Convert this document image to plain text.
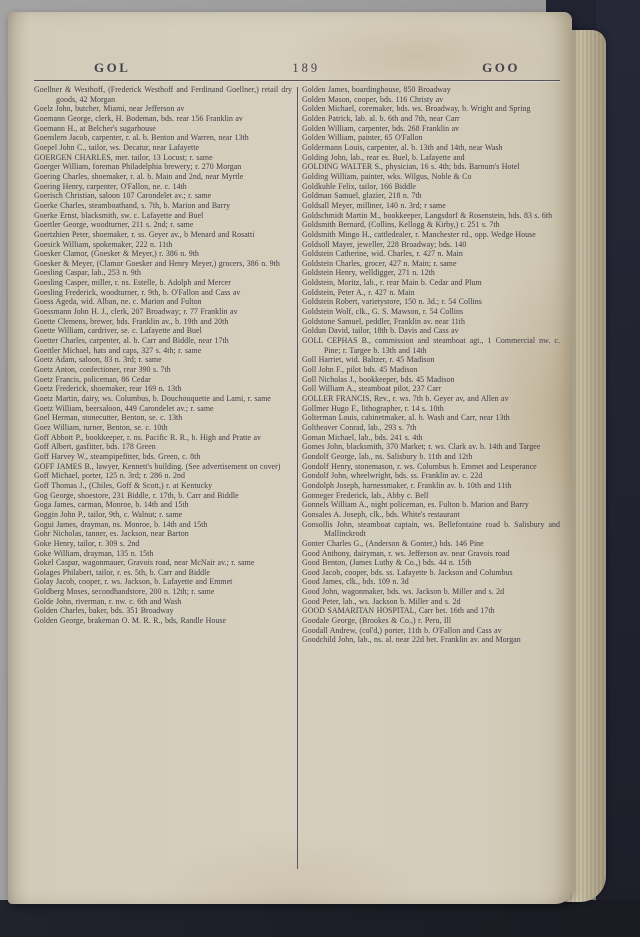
GOL	189	GOO

Goellner & Westhoff, (Frederick Westhoff and Ferdinand Goellner,) retail dry goods, 42 Morgan

Goelz John, butcher, Miami, near Jefferson av

Goemann George, clerk, H. Bodeman, bds. rear 156 Franklin av

Goemann H., at Belcher's sugarhouse

Goenslern Jacob, carpenter, r. al. b. Benton and Warren, near 13th

Goepel John C., tailor, ws. Decatur, near Lafayette

GOERGEN CHARLES, mer. tailor, 13 Locust; r. same

Goerger William, foreman Philadelphia brewery; r. 270 Morgan

Goering Charles, shoemaker, r. al. b. Main and 2nd, near Myrtle

Goering Henry, carpenter, O'Fallon, ne. c. 14th

Goerisch Christian, saloon 107 Carondelet av.; r. same

Goerke Charles, steamboathand, s. 7th, b. Marion and Barry

Goerke Ernst, blacksmith, sw. c. Lafayette and Buel

Goertler George, woodturner, 211 s. 2nd; r. same

Goertzhien Peter, shoemaker, r. ss. Geyer av., b Menard and Rosatti

Goesick William, spokemaker, 222 n. 11th

Goesker Clamor, (Goesker & Meyer,) r. 386 n. 9th

Goesker & Meyer, (Clamor Goesker and Henry Meyer,) grocers, 386 n. 9th

Goesling Caspar, lab., 253 n. 9th

Goesling Casper, miller, r. ns. Estelle, b. Adolph and Mercer

Goesling Frederick, woodturner, r. 9th, b. O'Fallon and Cass av

Goess Ageda, wid. Alban, ne. c. Marion and Fulton

Goessmann John H. J., clerk, 207 Broadway; r. 77 Franklin av

Goette Clemens, brewer, bds. Franklin av., b. 19th and 20th

Goette William, cardriver, se. c. Lafayette and Buel

Goetter Charles, carpenter, al. b. Carr and Biddle, near 17th

Goettler Michael, hats and caps, 327 s. 4th; r. same

Goetz Adam, saloon, 83 n. 3rd; r. same

Goetz Anton, confectioner, rear 390 s. 7th

Goetz Francis, policeman, 86 Cedar

Goetz Frederick, shoemaker, rear 169 n. 13th

Goetz Martin, dairy, ws. Columbus, b. Douchouquette and Lami, r. same

Goetz William, beersaloon, 449 Carondelet av.; r. same

Goel Herman, stonecutter, Benton, se. c. 13th

Goez William, turner, Benton, se. c. 10th

Goff Abbott P., bookkeeper, r. ns. Pacific R. R., b. High and Pratte av

Goff Albert, gasfitter, bds. 178 Green

Goff Harvey W., steampipefitter, bds. Green, c. 8th

GOFF JAMES B., lawyer, Kennett's building. (See advertisement on cover)

Goff Michael, porter, 125 n. 3rd; r. 286 n. 2nd

Goff Thomas J., (Chiles, Goff & Scott,) r. at Kentucky

Gog George, shoestore, 231 Biddle, r. 17th, b. Carr and Biddle

Goga James, carman, Monroe, b. 14th and 15th

Goggin John P., tailor, 9th, c. Walnut; r. same

Gogui James, drayman, ns. Monroe, b. 14th and 15th

Gohr Nicholas, tanner, es. Jackson, near Barton

Goke Henry, tailor, r. 309 s. 2nd

Goke William, drayman, 135 n. 15th

Gokel Caspar, wagonmauer, Gravois road, near McNair av.; r. same

Golages Philabert, tailor, r. es. 5th, b. Carr and Biddle

Golay Jacob, cooper, r. ws. Jackson, b. Lafayette and Emmet

Goldberg Moses, secondhandstore, 200 n. 12th; r. same

Golde John, riverman, r. nw. c. 6th and Wash

Golden Charles, baker, bds. 351 Broadway

Golden George, brakeman O. M. R. R., bds, Randle House

Golden James, boardinghouse, 850 Broadway

Golden Mason, cooper, bds. 116 Christy av

Golden Michael, coremaker, bds. ws. Broadway, b. Wright and Spring

Golden Patrick, lab. al. b. 6th and 7th, near Carr

Golden William, carpenter, bds. 268 Franklin av

Golden William, painter, 65 O'Fallon

Goldermann Louis, carpenter, al. b. 13th and 14th, near Wash

Golding John, lab., rear es. Buel, b. Lafayette and

GOLDING WALTER S., physician, 16 s. 4th; bds. Barnum's Hotel

Golding William, painter, wks. Wilgus, Noble & Co

Goldkuhle Felix, tailor, 166 Biddle

Goldman Samuel, glazier, 218 n. 7th

Goldsall Meyer, milliner, 140 n. 3rd; r same

Goldschmidt Martin M., bookkeeper, Langsdorf & Rosenstein, bds. 83 s. 6th

Goldsmith Bernard, (Collins, Kellogg & Kirby,) r. 251 s. 7th

Goldsmith Mingo H., cattledealer, r. Manchester rd., opp. Wedge House

Goldsoll Mayer, jeweller, 228 Broadway; bds. 140

Goldstein Catherine, wid. Charles, r. 427 n. Main

Goldstein Charles, grocer, 427 n. Main; r. same

Goldstein Henry, welldigger, 271 n. 12th

Goldstein, Moritz, lab., r. rear Main b. Cedar and Plum

Goldstein, Peter A., r. 427 n. Main

Goldstein Robert, varietystore, 150 n. 3d.; r. 54 Collins

Goldstein Wolf, clk., G. S. Mawson, r. 54 Collins

Goldstone Samuel, peddler, Franklin av. near 11th

Goldun David, tailor, 18th b. Davis and Cass av

GOLL CEPHAS B., commission and steamboat agt., 1 Commercial nw. c. Pine; r. Targee b. 13th and 14th

Goll Harriet, wid. Baltzer, r. 45 Madison

Goll John F., pilot bds. 45 Madison

Goll Nicholas J., bookkeeper, bds. 45 Madison

Goll William A., steamboat pilot, 237 Carr

GOLLER FRANCIS, Rev., r. ws. 7th b. Geyer av, and Allen av

Gollmer Hugo F., lithographer, r. 14 s. 10th

Golterman Louis, cabinetmaker, al. b. Wash and Carr, near 13th

Goltheaver Conrad, lab., 293 s. 7th

Goman Michael, lab., bds. 241 s. 4th

Gomes John, blacksmith, 370 Market; r. ws. Clark av. b. 14th and Targee

Gondolf George, lab., ns. Salisbury b. 11th and 12th

Gondolf Henry, stonemason, r. ws. Columbus b. Emmet and Lesperance

Gondolf John, wheelwright, bds. ss. Franklin av. c. 22d

Gondolph Joseph, harnessmaker, r. Franklin av. b. 10th and 11th

Gonneger Frederick, lab., Abby c. Bell

Gonnels William A., night policeman, es. Fulton b. Marion and Barry

Gonsales A. Joseph, clk., bds. White's restaurant

Gonsollis John, steamboat captain, ws. Bellefontaine road b. Salisbury and Mallinckrodt

Gonter Charles G., (Anderson & Gonter,) bds. 146 Pine

Good Anthony, dairyman, r. ws. Jefferson av. near Gravois road

Good Benton, (James Luthy & Co.,) bds. 44 n. 15th

Good Jacob, cooper, bds. ss. Lafayette b. Jackson and Columbus

Good James, clk., bds. 109 n. 3d

Good John, wagonmaker, bds. ws. Jackson b. Miller and s. 2d

Good Peter, lab., ws. Jackson b. Miller and s. 2d

GOOD SAMARITAN HOSPITAL, Carr bet. 16th and 17th

Goodale George, (Brookes & Co.,) r. Peru, Ill

Goodall Andrew, (col'd,) porter, 11th b. O'Fallon and Cass av

Goodchild John, lab., ns. al. near 22d bet. Franklin av. and Morgan
